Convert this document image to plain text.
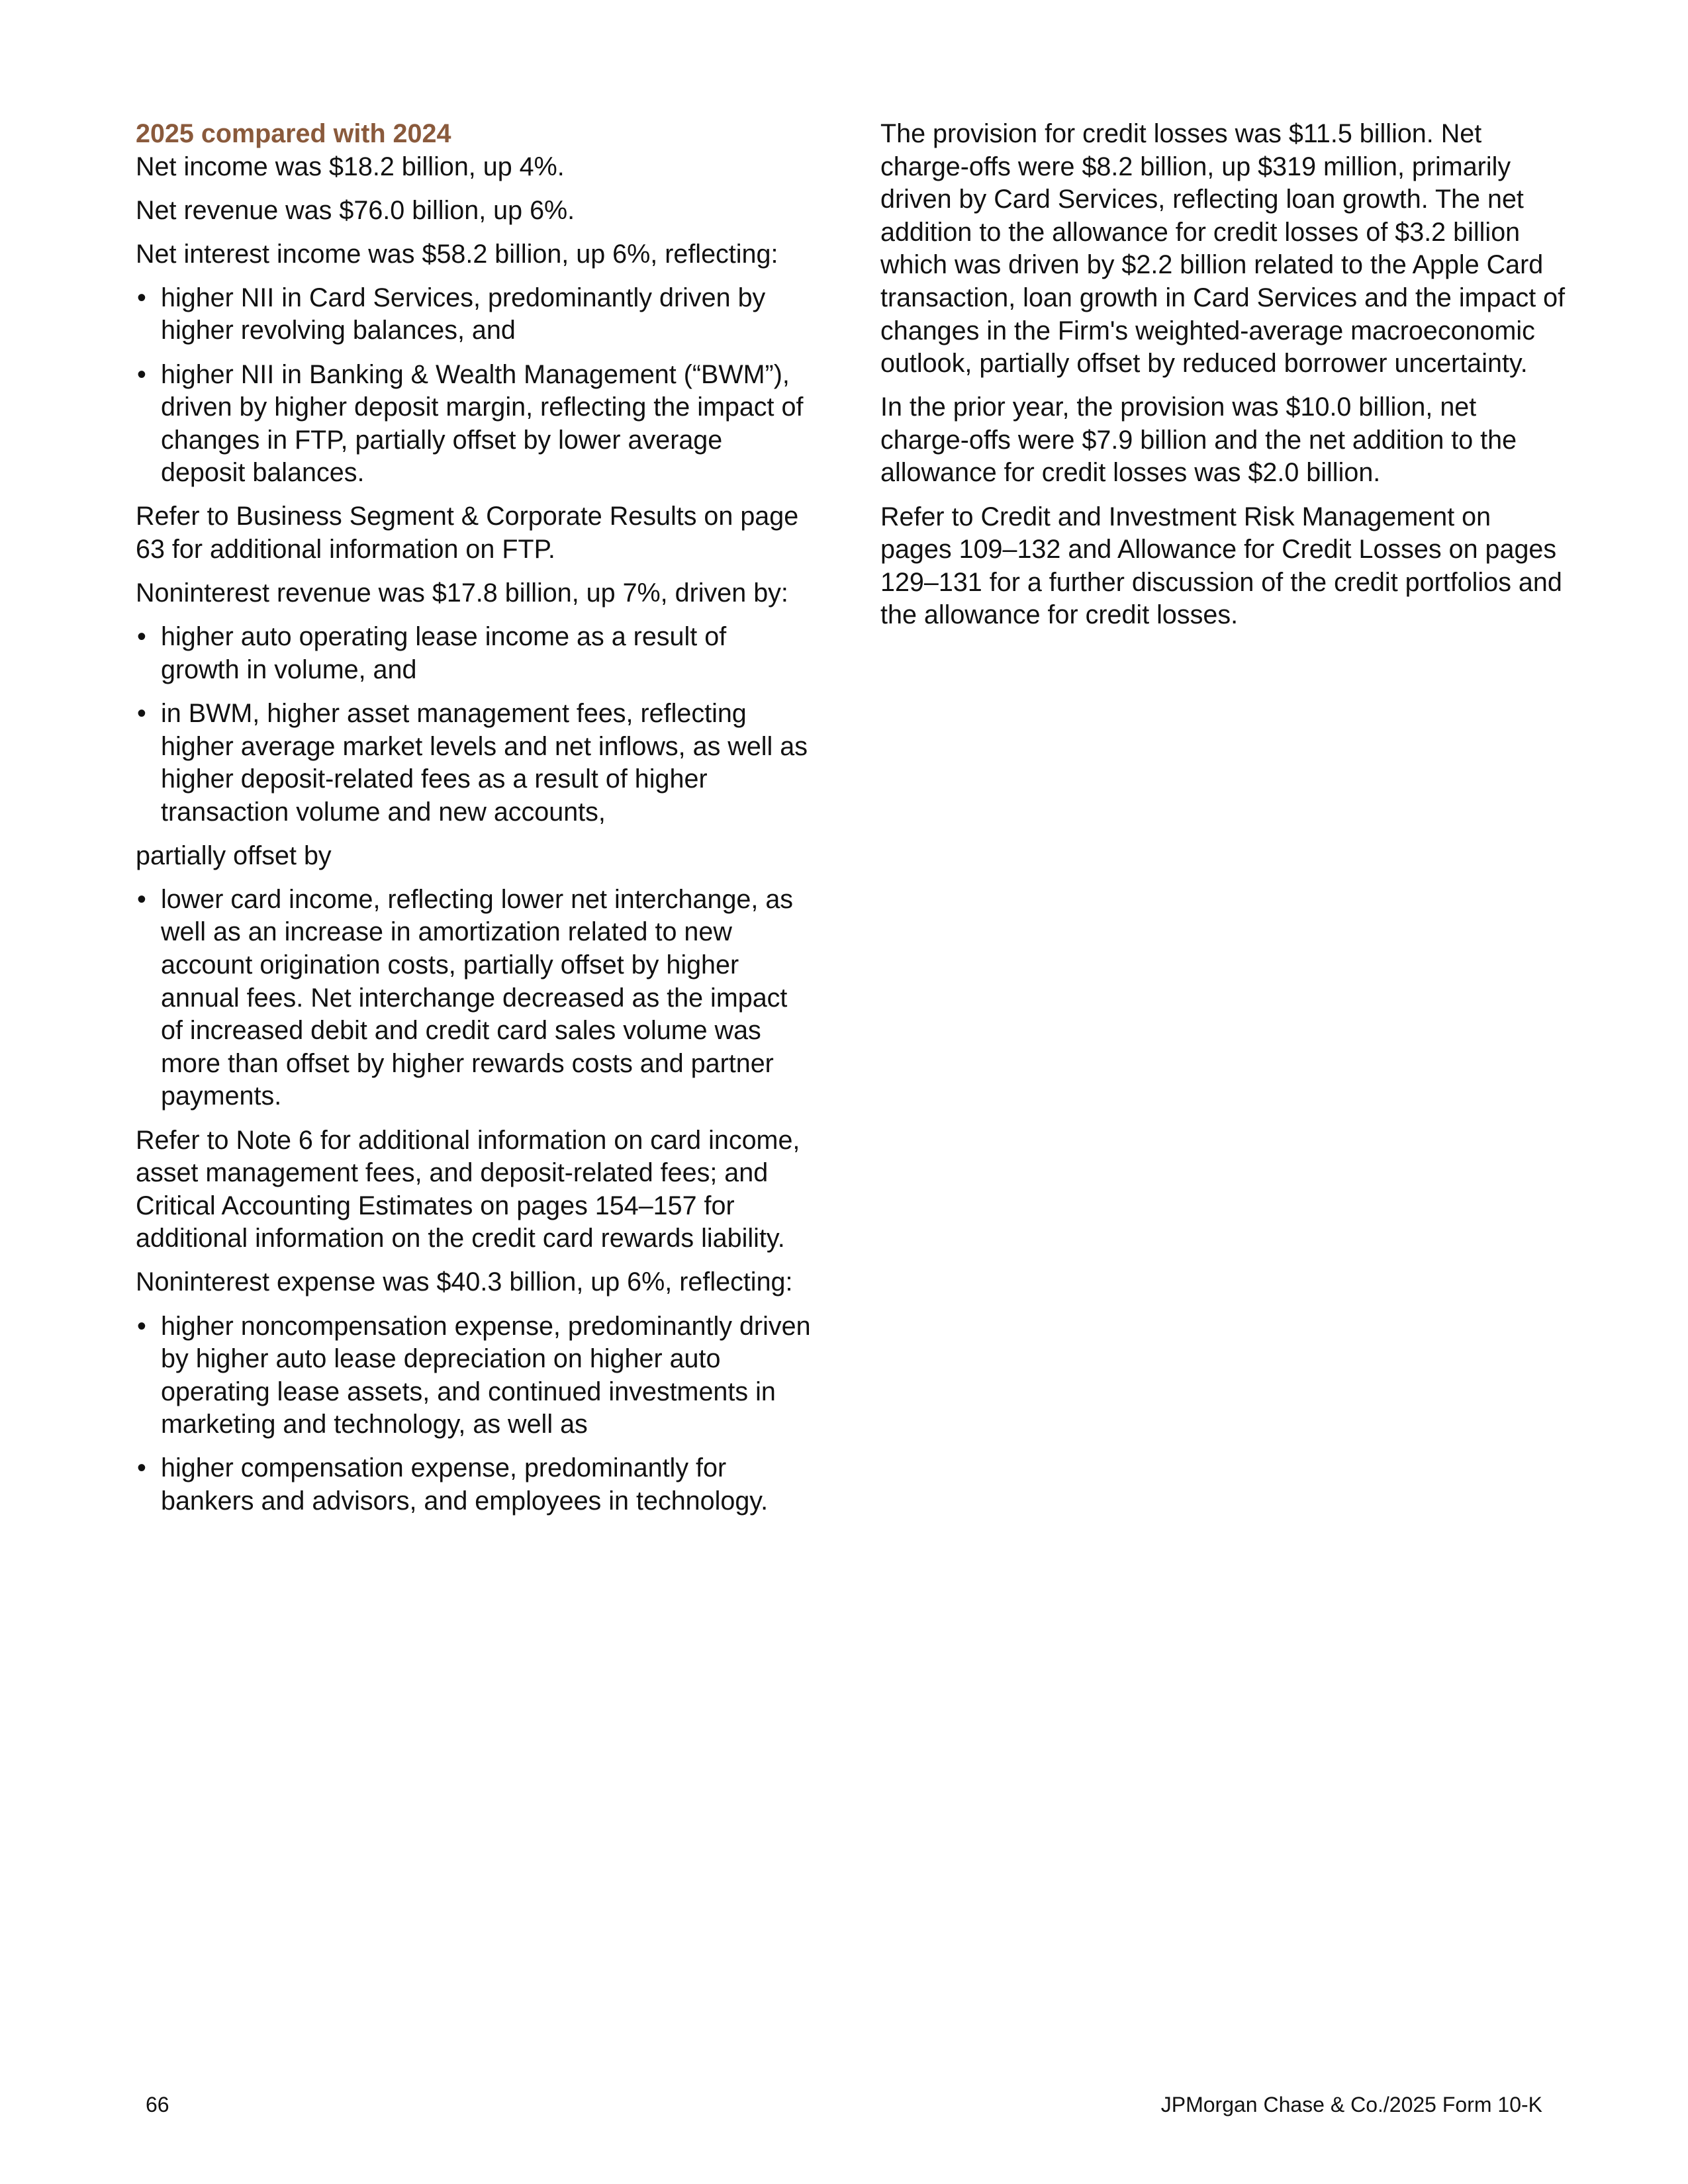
2025 compared with 2024

Net income was $18.2 billion, up 4%.

Net revenue was $76.0 billion, up 6%.

Net interest income was $58.2 billion, up 6%, reflecting:

• higher NII in Card Services, predominantly driven by higher revolving balances, and
• higher NII in Banking & Wealth Management (“BWM”), driven by higher deposit margin, reflecting the impact of changes in FTP, partially offset by lower average deposit balances.

Refer to Business Segment & Corporate Results on page 63 for additional information on FTP.

Noninterest revenue was $17.8 billion, up 7%, driven by:

• higher auto operating lease income as a result of growth in volume, and
• in BWM, higher asset management fees, reflecting higher average market levels and net inflows, as well as higher deposit-related fees as a result of higher transaction volume and new accounts,

partially offset by

• lower card income, reflecting lower net interchange, as well as an increase in amortization related to new account origination costs, partially offset by higher annual fees. Net interchange decreased as the impact of increased debit and credit card sales volume was more than offset by higher rewards costs and partner payments.

Refer to Note 6 for additional information on card income, asset management fees, and deposit-related fees; and Critical Accounting Estimates on pages 154–157 for additional information on the credit card rewards liability.

Noninterest expense was $40.3 billion, up 6%, reflecting:

• higher noncompensation expense, predominantly driven by higher auto lease depreciation on higher auto operating lease assets, and continued investments in marketing and technology, as well as
• higher compensation expense, predominantly for bankers and advisors, and employees in technology.

The provision for credit losses was $11.5 billion. Net charge-offs were $8.2 billion, up $319 million, primarily driven by Card Services, reflecting loan growth. The net addition to the allowance for credit losses of $3.2 billion which was driven by $2.2 billion related to the Apple Card transaction, loan growth in Card Services and the impact of changes in the Firm's weighted-average macroeconomic outlook, partially offset by reduced borrower uncertainty.

In the prior year, the provision was $10.0 billion, net charge-offs were $7.9 billion and the net addition to the allowance for credit losses was $2.0 billion.

Refer to Credit and Investment Risk Management on pages 109–132 and Allowance for Credit Losses on pages 129–131 for a further discussion of the credit portfolios and the allowance for credit losses.

66	JPMorgan Chase & Co./2025 Form 10-K
